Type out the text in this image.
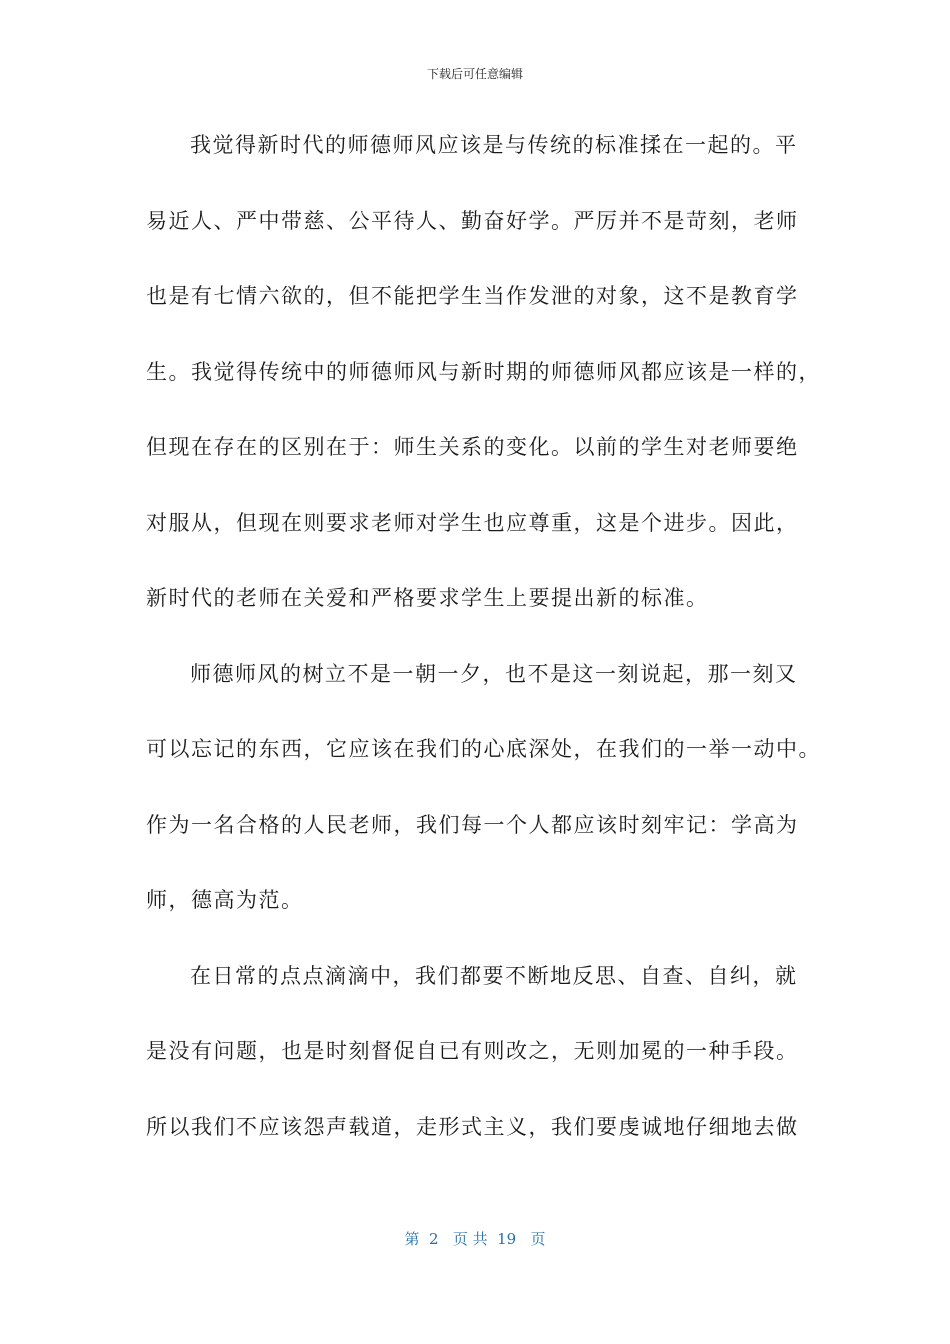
下载后可任意编辑
我觉得新时代的师德师风应该是与传统的标准揉在一起的。平
易近人、严中带慈、公平待人、勤奋好学。严厉并不是苛刻，老师
也是有七情六欲的，但不能把学生当作发泄的对象，这不是教育学
生。我觉得传统中的师德师风与新时期的师德师风都应该是一样的，
但现在存在的区别在于：师生关系的变化。以前的学生对老师要绝
对服从，但现在则要求老师对学生也应尊重，这是个进步。因此，
新时代的老师在关爱和严格要求学生上要提出新的标准。
师德师风的树立不是一朝一夕，也不是这一刻说起，那一刻又
可以忘记的东西，它应该在我们的心底深处，在我们的一举一动中。
作为一名合格的人民老师，我们每一个人都应该时刻牢记：学高为
师，德高为范。
在日常的点点滴滴中，我们都要不断地反思、自查、自纠，就
是没有问题，也是时刻督促自已有则改之，无则加冕的一种手段。
所以我们不应该怨声载道，走形式主义，我们要虔诚地仔细地去做
第  2   页 共  19   页
